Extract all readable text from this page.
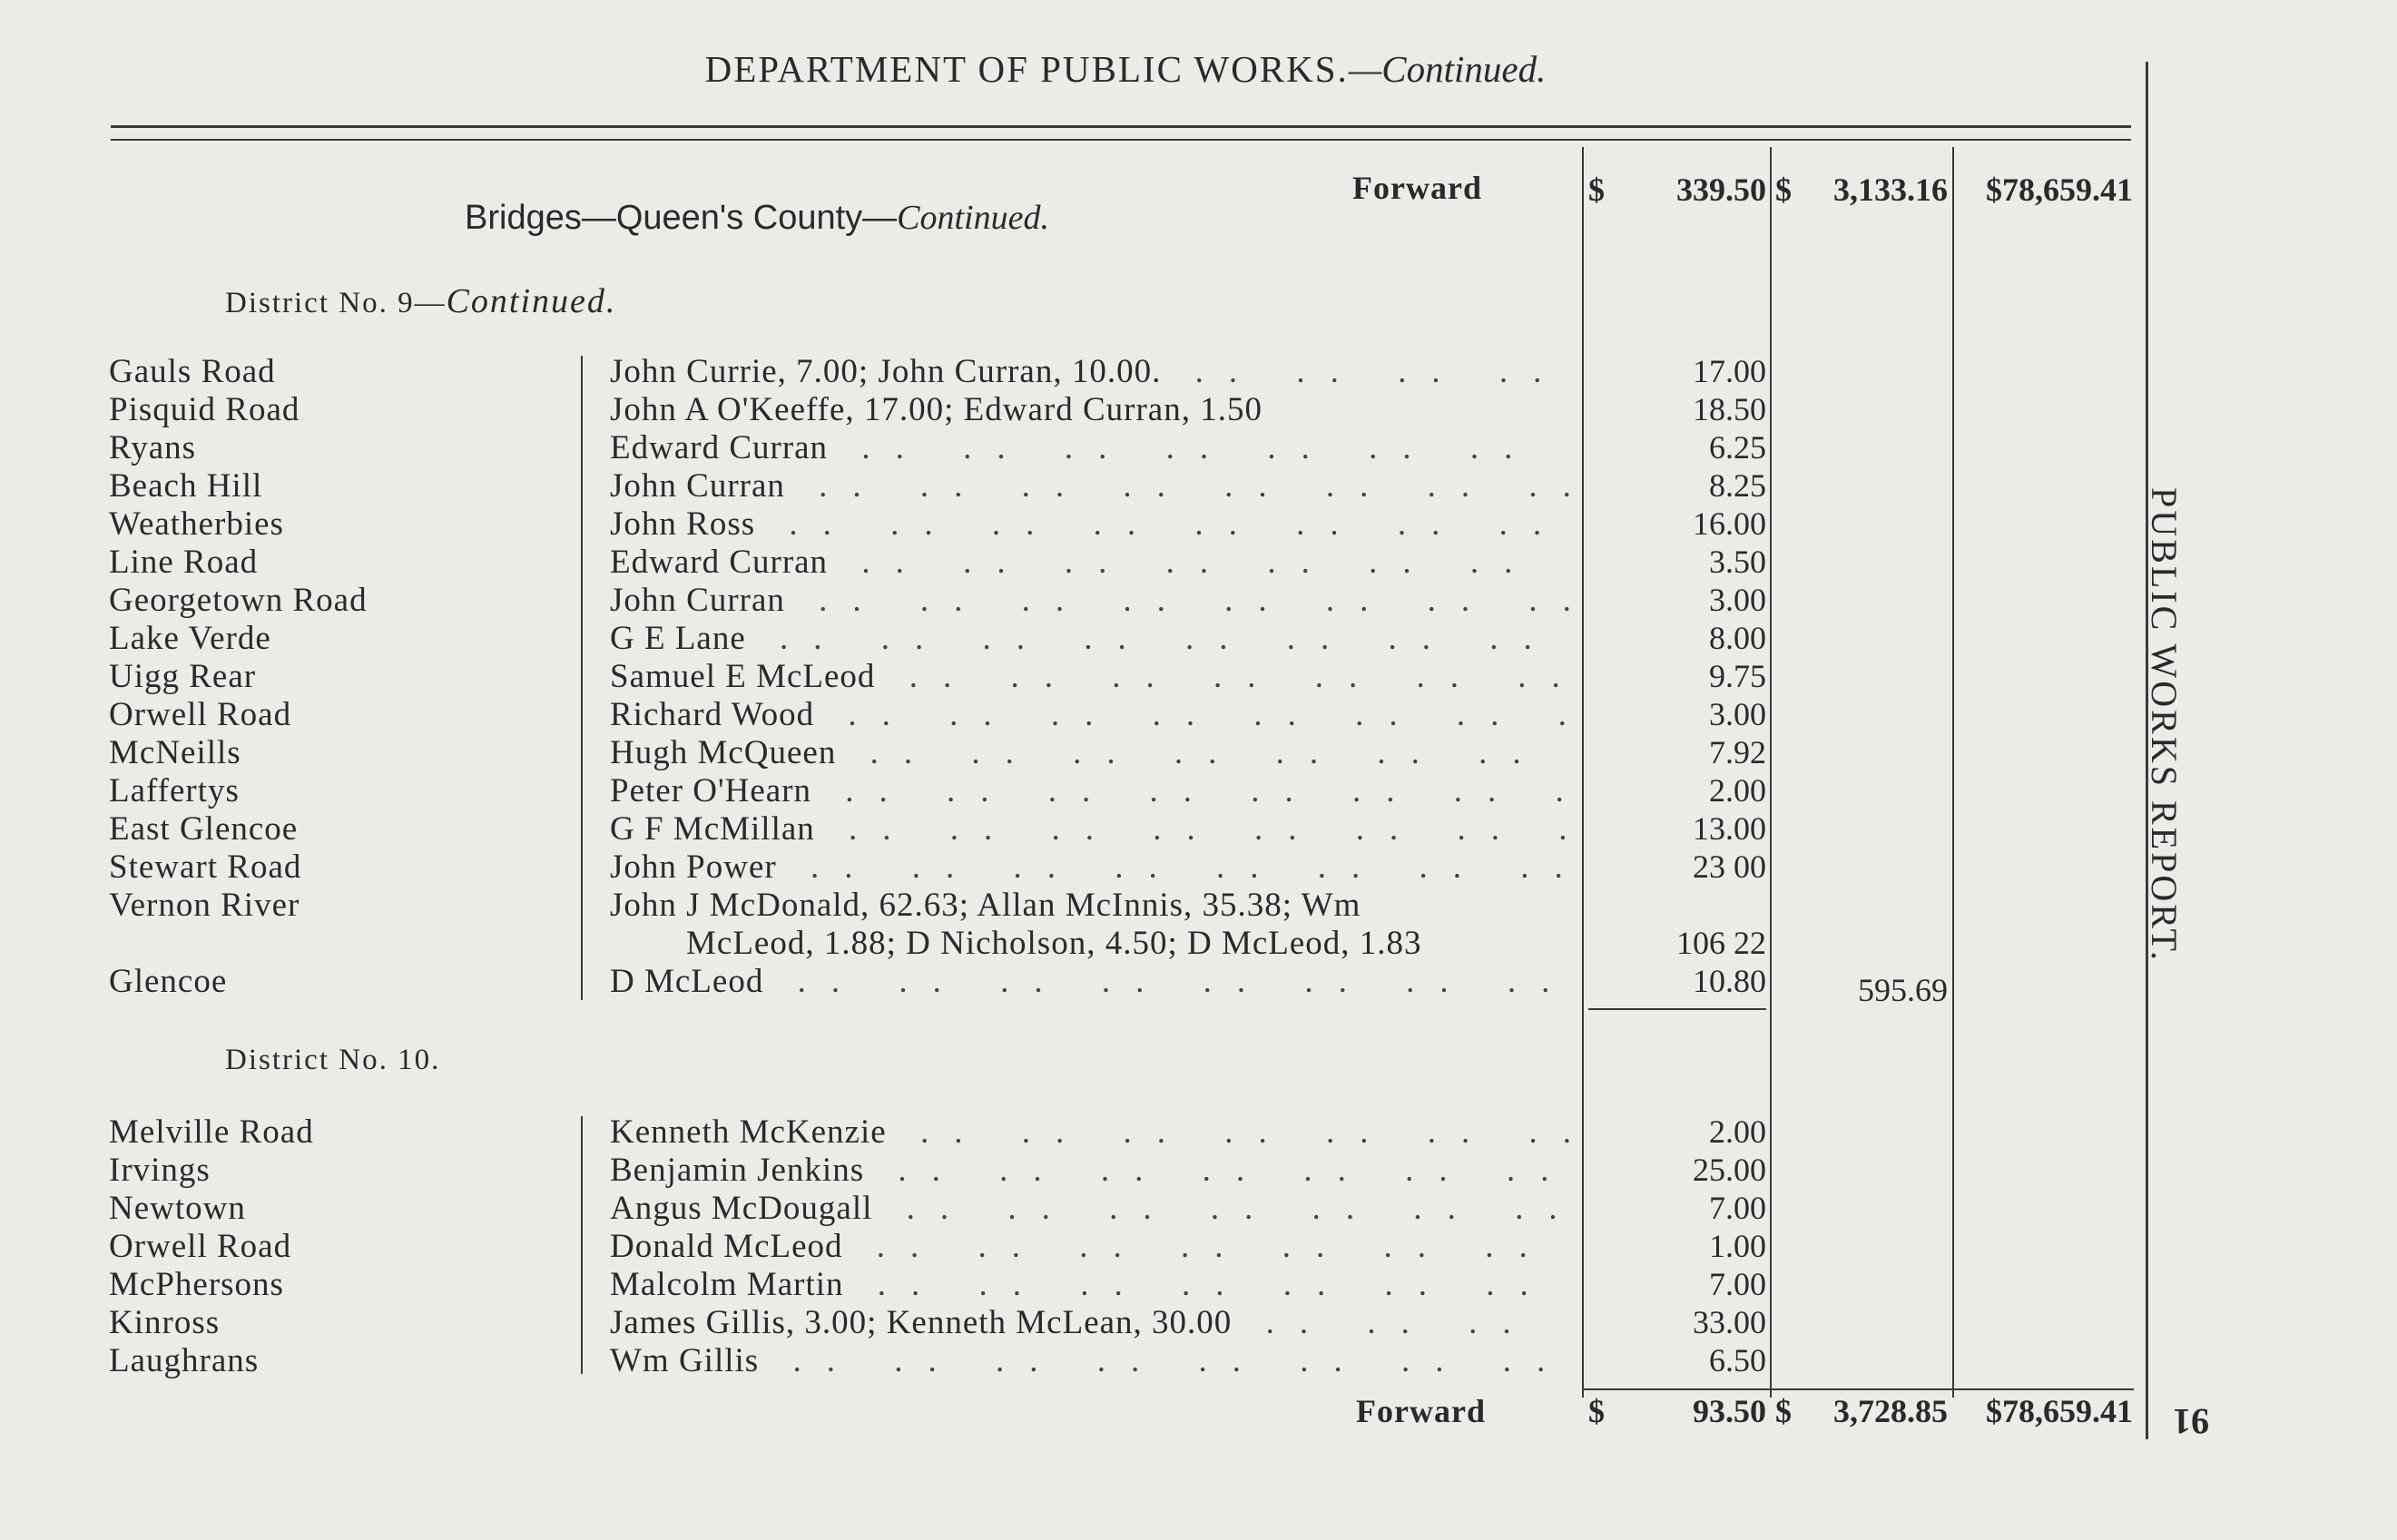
DEPARTMENT OF PUBLIC WORKS.—Continued.
Forward	$	339.50 $	3,133.16	$78,659.41
Bridges—Queen's County—Continued.
District No. 9—Continued.
Gauls Road	John Currie, 7.00; John Curran, 10.00. .. ..	17.00
Pisquid Road	John A O'Keeffe, 17.00; Edward Curran, 1.50	18.50
Ryans	Edward Curran .. ..	6.25
Beach Hill	John Curran .. ..	8.25
Weatherbies	John Ross .. ..	16.00
Line Road	Edward Curran .. ..	3.50
Georgetown Road	John Curran .. ..	3.00
Lake Verde	G E Lane .. ..	8.00
Uigg Rear	Samuel E McLeod .. ..	9.75
Orwell Road	Richard Wood .. ..	3.00
McNeills	Hugh McQueen .. ..	7.92
Laffertys	Peter O'Hearn .. ..	2.00
East Glencoe	G F McMillan .. ..	13.00
Stewart Road	John Power .. ..	23 00
Vernon River	John J McDonald, 62.63; Allan McInnis, 35.38; Wm
McLeod, 1.88; D Nicholson, 4.50; D McLeod, 1.83	106 22
Glencoe	D McLeod .. ..	10.80	595.69
District No. 10.
Melville Road	Kenneth McKenzie .. ..	2.00
Irvings	Benjamin Jenkins .. ..	25.00
Newtown	Angus McDougall .. ..	7.00
Orwell Road	Donald McLeod .. ..	1.00
McPhersons	Malcolm Martin .. ..	7.00
Kinross	James Gillis, 3.00; Kenneth McLean, 30.00 .. ..	33.00
Laughrans	Wm Gillis .. ..	6.50
Forward	$	93.50 $	3,728.85	$78,659.41
PUBLIC WORKS REPORT.
91
